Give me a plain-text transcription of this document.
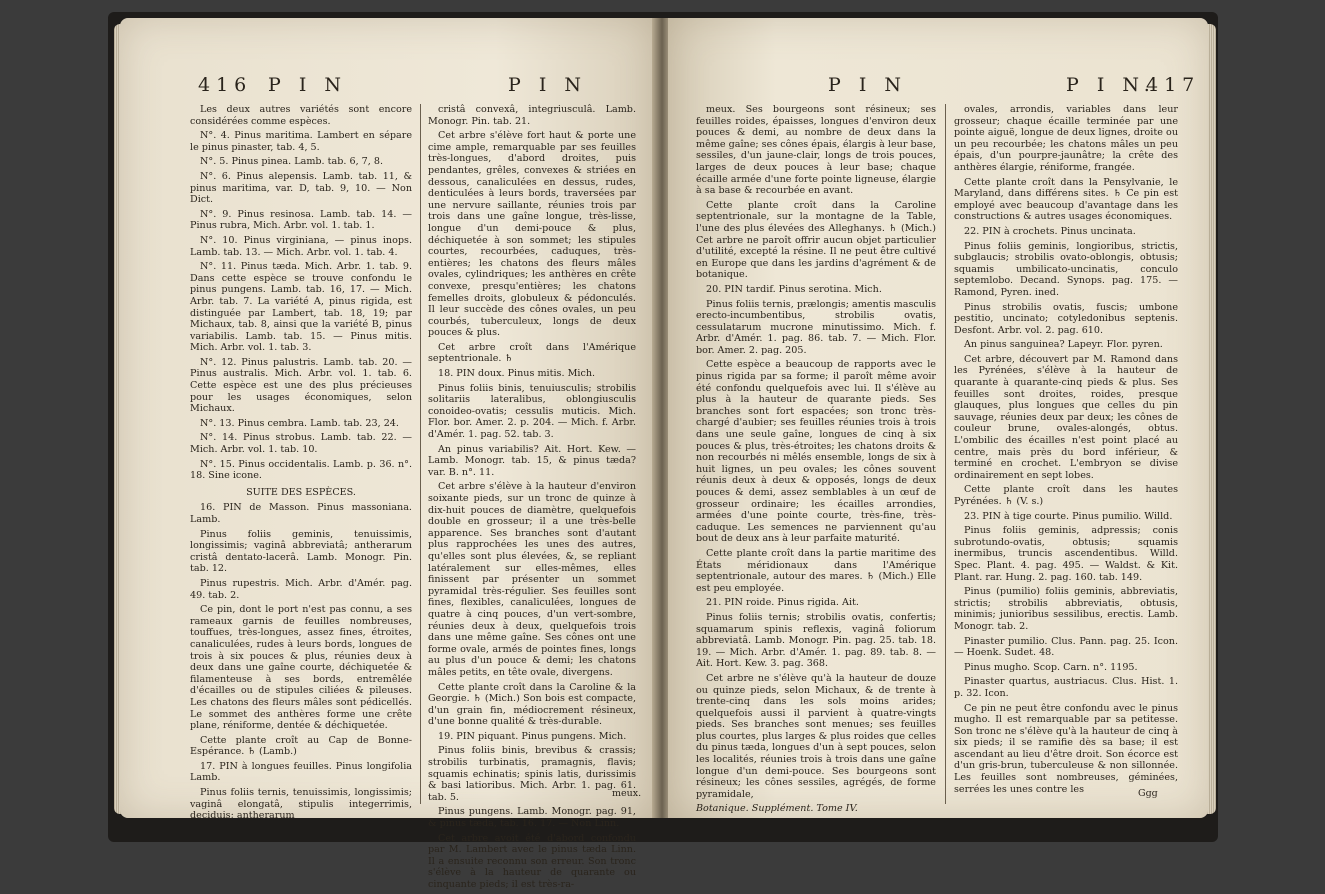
416 P I N	P I N

Les deux autres variétés sont encore considérées comme espèces.

N°. 4. Pinus maritima. Lambert en sépare le pinus pinaster, tab. 4, 5.

N°. 5. Pinus pinea. Lamb. tab. 6, 7, 8.

N°. 6. Pinus alepensis. Lamb. tab. 11, & pinus maritima, var. D, tab. 9, 10. — Non Dict.

N°. 9. Pinus resinosa. Lamb. tab. 14. — Pinus rubra, Mich. Arbr. vol. 1. tab. 1.

N°. 10. Pinus virginiana, — pinus inops. Lamb. tab. 13. — Mich. Arbr. vol. 1. tab. 4.

N°. 11. Pinus tæda. Mich. Arbr. 1. tab. 9. Dans cette espèce se trouve confondu le pinus pungens. Lamb. tab. 16, 17. — Mich. Arbr. tab. 7. La variété A, pinus rigida, est distinguée par Lambert, tab. 18, 19; par Michaux, tab. 8, ainsi que la variété B, pinus variabilis. Lamb. tab. 15. — Pinus mitis. Mich. Arbr. vol. 1. tab. 3.

N°. 12. Pinus palustris. Lamb. tab. 20. — Pinus australis. Mich. Arbr. vol. 1. tab. 6. Cette espèce est une des plus précieuses pour les usages économiques, selon Michaux.

N°. 13. Pinus cembra. Lamb. tab. 23, 24.

N°. 14. Pinus strobus. Lamb. tab. 22. — Mich. Arbr. vol. 1. tab. 10.

N°. 15. Pinus occidentalis. Lamb. p. 36. n°. 18. Sine icone.

SUITE DES ESPÈCES.

16. PIN de Masson. Pinus massoniana. Lamb.

Pinus foliis geminis, tenuissimis, longissimis; vaginâ abbreviatâ; antherarum cristâ dentato-lacerâ. Lamb. Monogr. Pin. tab. 12.

Pinus rupestris. Mich. Arbr. d'Amér. pag. 49. tab. 2.

Ce pin, dont le port n'est pas connu, a ses rameaux garnis de feuilles nombreuses, touffues, très-longues, assez fines, étroites, canaliculées, rudes à leurs bords, longues de trois à six pouces & plus, réunies deux à deux dans une gaîne courte, déchiquetée & filamenteuse à ses bords, entremêlée d'écailles ou de stipules ciliées & pileuses. Les chatons des fleurs mâles sont pédicellés. Le sommet des anthères forme une crête plane, réniforme, dentée & déchiquetée.

Cette plante croît au Cap de Bonne-Espérance. ♄ (Lamb.)

17. PIN à longues feuilles. Pinus longifolia Lamb.

Pinus foliis ternis, tenuissimis, longissimis; vaginâ elongatâ, stipulis integerrimis, deciduis; antherarum

cristâ convexâ, integriusculâ. Lamb. Monogr. Pin. tab. 21.

Cet arbre s'élève fort haut & porte une cime ample, remarquable par ses feuilles très-longues, d'abord droites, puis pendantes, grêles, convexes & striées en dessous, canaliculées en dessus, rudes, denticulées à leurs bords, traversées par une nervure saillante, réunies trois par trois dans une gaîne longue, très-lisse, longue d'un demi-pouce & plus, déchiquetée à son sommet; les stipules courtes, recourbées, caduques, très-entières; les chatons des fleurs mâles ovales, cylindriques; les anthères en crête convexe, presqu'entières; les chatons femelles droits, globuleux & pédonculés. Il leur succède des cônes ovales, un peu courbés, tuberculeux, longs de deux pouces & plus.

Cet arbre croît dans l'Amérique septentrionale. ♄

18. PIN doux. Pinus mitis. Mich.

Pinus foliis binis, tenuiusculis; strobilis solitariis lateralibus, oblongiusculis conoideo-ovatis; cessulis muticis. Mich. Flor. bor. Amer. 2. p. 204. — Mich. f. Arbr. d'Amér. 1. pag. 52. tab. 3.

An pinus variabilis? Ait. Hort. Kew. — Lamb. Monogr. tab. 15, & pinus tæda? var. B. n°. 11.

Cet arbre s'élève à la hauteur d'environ soixante pieds, sur un tronc de quinze à dix-huit pouces de diamètre, quelquefois double en grosseur; il a une très-belle apparence. Ses branches sont d'autant plus rapprochées les unes des autres, qu'elles sont plus élevées, &, se repliant latéralement sur elles-mêmes, elles finissent par présenter un sommet pyramidal très-régulier. Ses feuilles sont fines, flexibles, canaliculées, longues de quatre à cinq pouces, d'un vert-sombre, réunies deux à deux, quelquefois trois dans une même gaîne. Ses cônes ont une forme ovale, armés de pointes fines, longs au plus d'un pouce & demi; les chatons mâles petits, en tête ovale, divergens.

Cette plante croît dans la Caroline & la Georgie. ♄ (Mich.) Son bois est compacte, d'un grain fin, médiocrement résineux, d'une bonne qualité & très-durable.

19. PIN piquant. Pinus pungens. Mich.

Pinus foliis binis, brevibus & crassis; strobilis turbinatis, pramagnis, flavis; squamis echinatis; spinis latis, durissimis & basi latioribus. Mich. Arbr. 1. pag. 61. tab. 5.

Pinus pungens. Lamb. Monogr. pag. 91, & pinus tæda, tab. 16. 17. — Non Linn.

Cet arbre avoit été d'abord confondu par M. Lambert avec le pinus tæda Linn. Il a ensuite reconnu son erreur. Son tronc s'élève à la hauteur de quarante ou cinquante pieds; il est très-ra-

meux.
P I N	P I N.
417

meux. Ses bourgeons sont résineux; ses feuilles roides, épaisses, longues d'environ deux pouces & demi, au nombre de deux dans la même gaîne; ses cônes épais, élargis à leur base, sessiles, d'un jaune-clair, longs de trois pouces, larges de deux pouces à leur base; chaque écaille armée d'une forte pointe ligneuse, élargie à sa base & recourbée en avant.

Cette plante croît dans la Caroline septentrionale, sur la montagne de la Table, l'une des plus élevées des Alleghanys. ♄ (Mich.) Cet arbre ne paroît offrir aucun objet particulier d'utilité, excepté la résine. Il ne peut être cultivé en Europe que dans les jardins d'agrément & de botanique.

20. PIN tardif. Pinus serotina. Mich.

Pinus foliis ternis, prælongis; amentis masculis erecto-incumbentibus, strobilis ovatis, cessulatarum mucrone minutissimo. Mich. f. Arbr. d'Amér. 1. pag. 86. tab. 7. — Mich. Flor. bor. Amer. 2. pag. 205.

Cette espèce a beaucoup de rapports avec le pinus rigida par sa forme; il paroît même avoir été confondu quelquefois avec lui. Il s'élève au plus à la hauteur de quarante pieds. Ses branches sont fort espacées; son tronc très-chargé d'aubier; ses feuilles réunies trois à trois dans une seule gaîne, longues de cinq à six pouces & plus, très-étroites; les chatons droits & non recourbés ni mêlés ensemble, longs de six à huit lignes, un peu ovales; les cônes souvent réunis deux à deux & opposés, longs de deux pouces & demi, assez semblables à un œuf de grosseur ordinaire; les écailles arrondies, armées d'une pointe courte, très-fine, très-caduque. Les semences ne parviennent qu'au bout de deux ans à leur parfaite maturité.

Cette plante croît dans la partie maritime des États méridionaux dans l'Amérique septentrionale, autour des mares. ♄ (Mich.) Elle est peu employée.

21. PIN roide. Pinus rigida. Ait.

Pinus foliis ternis; strobilis ovatis, confertis; squamarum spinis reflexis, vaginâ foliorum abbreviatâ. Lamb. Monogr. Pin. pag. 25. tab. 18. 19. — Mich. Arbr. d'Amér. 1. pag. 89. tab. 8. — Ait. Hort. Kew. 3. pag. 368.

Cet arbre ne s'élève qu'à la hauteur de douze ou quinze pieds, selon Michaux, & de trente à trente-cinq dans les sols moins arides; quelquefois aussi il parvient à quatre-vingts pieds. Ses branches sont menues; ses feuilles plus courtes, plus larges & plus roides que celles du pinus tæda, longues d'un à sept pouces, selon les localités, réunies trois à trois dans une gaîne longue d'un demi-pouce. Ses bourgeons sont résineux; les cônes sessiles, agrégés, de forme pyramidale,

Botanique. Supplément. Tome IV.

ovales, arrondis, variables dans leur grosseur; chaque écaille terminée par une pointe aiguë, longue de deux lignes, droite ou un peu recourbée; les chatons mâles un peu épais, d'un pourpre-jaunâtre; la crête des anthères élargie, réniforme, frangée.

Cette plante croît dans la Pensylvanie, le Maryland, dans différens sites. ♄ Ce pin est employé avec beaucoup d'avantage dans les constructions & autres usages économiques.

22. PIN à crochets. Pinus uncinata.

Pinus foliis geminis, longioribus, strictis, subglaucis; strobilis ovato-oblongis, obtusis; squamis umbilicato-uncinatis, conculo septemlobo. Decand. Synops. pag. 175. — Ramond, Pyren. ined.

Pinus strobilis ovatis, fuscis; umbone pestitio, uncinato; cotyledonibus septenis. Desfont. Arbr. vol. 2. pag. 610.

An pinus sanguinea? Lapeyr. Flor. pyren.

Cet arbre, découvert par M. Ramond dans les Pyrénées, s'élève à la hauteur de quarante à quarante-cinq pieds & plus. Ses feuilles sont droites, roides, presque glauques, plus longues que celles du pin sauvage, réunies deux par deux; les cônes de couleur brune, ovales-alongés, obtus. L'ombilic des écailles n'est point placé au centre, mais près du bord inférieur, & terminé en crochet. L'embryon se divise ordinairement en sept lobes.

Cette plante croît dans les hautes Pyrénées. ♄ (V. s.)

23. PIN à tige courte. Pinus pumilio. Willd.

Pinus foliis geminis, adpressis; conis subrotundo-ovatis, obtusis; squamis inermibus, truncis ascendentibus. Willd. Spec. Plant. 4. pag. 495. — Waldst. & Kit. Plant. rar. Hung. 2. pag. 160. tab. 149.

Pinus (pumilio) foliis geminis, abbreviatis, strictis; strobilis abbreviatis, obtusis, minimis; junioribus sessilibus, erectis. Lamb. Monogr. tab. 2.

Pinaster pumilio. Clus. Pann. pag. 25. Icon. — Hoenk. Sudet. 48.

Pinus mugho. Scop. Carn. n°. 1195.

Pinaster quartus, austriacus. Clus. Hist. 1. p. 32. Icon.

Ce pin ne peut être confondu avec le pinus mugho. Il est remarquable par sa petitesse. Son tronc ne s'élève qu'à la hauteur de cinq à six pieds; il se ramifie dès sa base; il est ascendant au lieu d'être droit. Son écorce est d'un gris-brun, tuberculeuse & non sillonnée. Les feuilles sont nombreuses, géminées, serrées les unes contre les	Ggg
